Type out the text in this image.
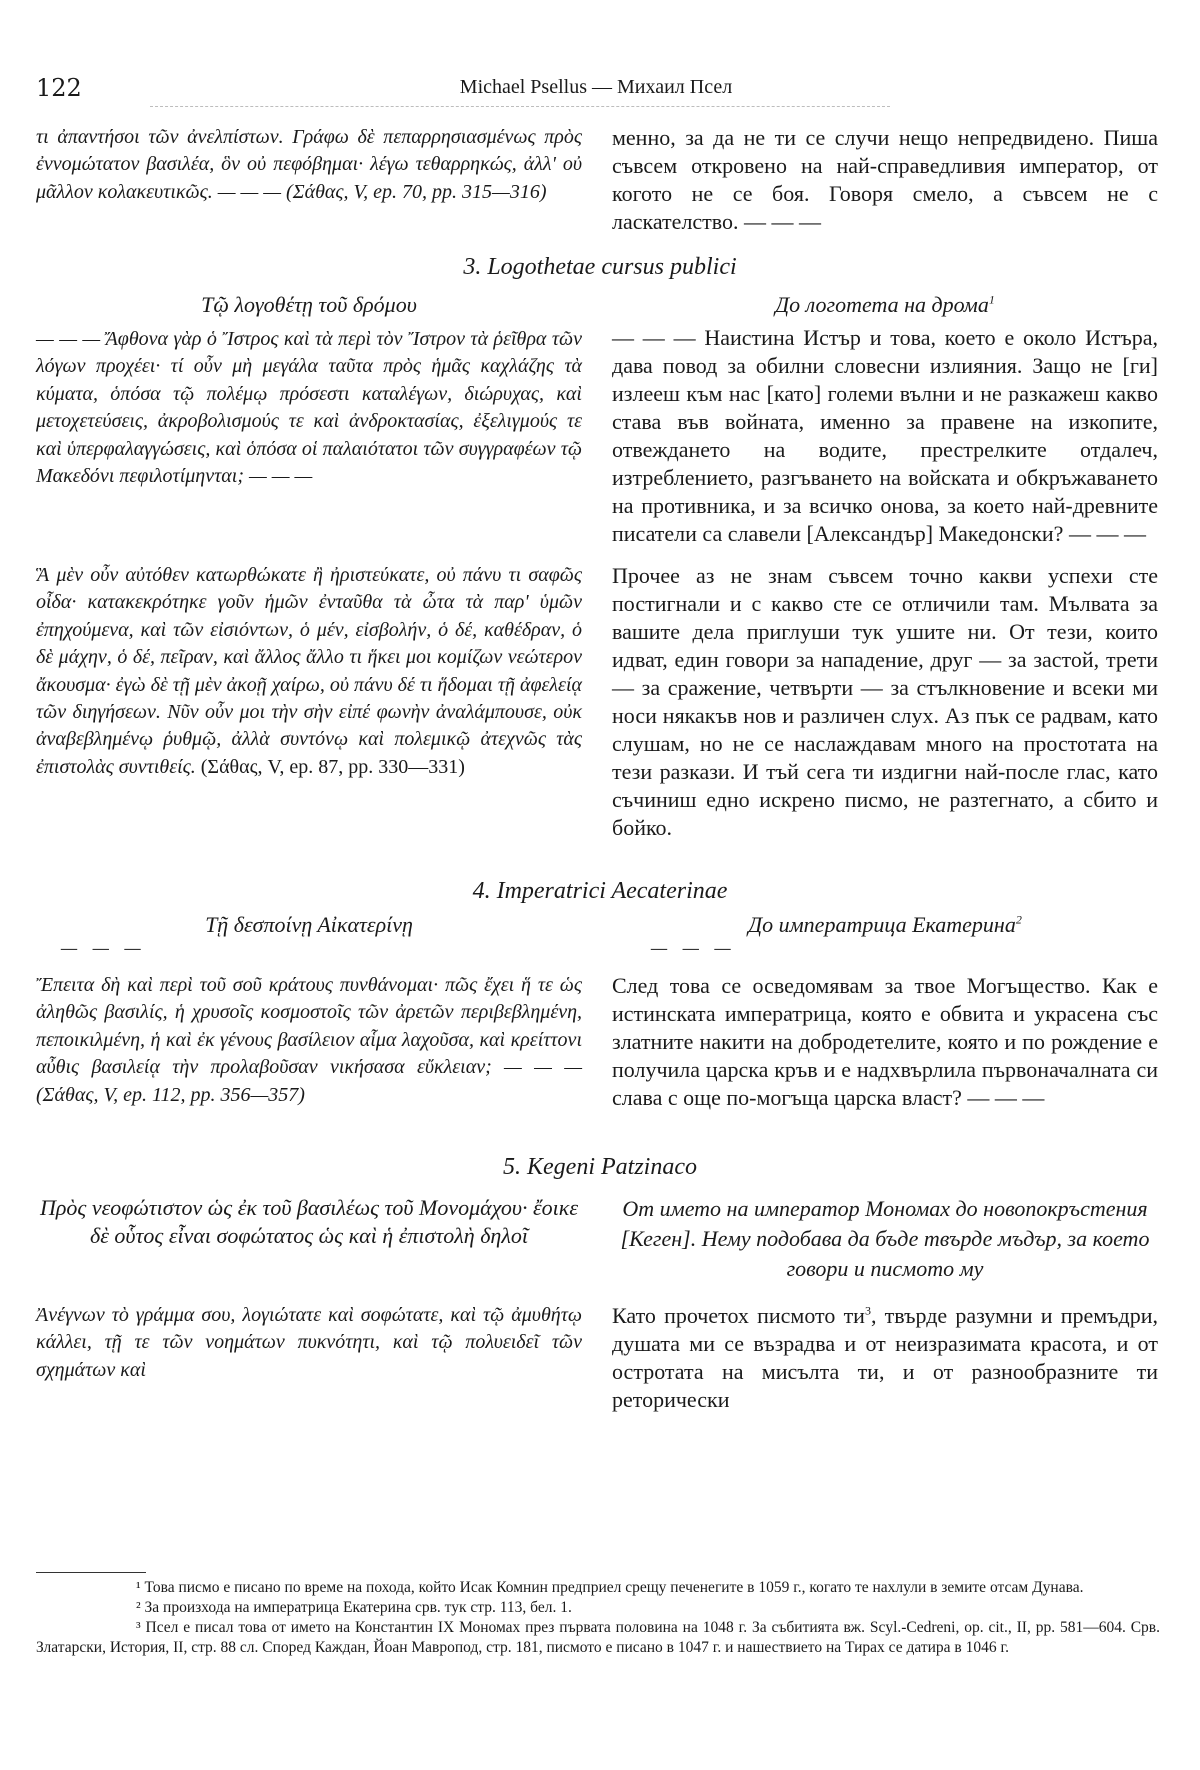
122	Michael Psellus — Михаил Псел
τι ἀπαντήσοι τῶν ἀνελπίστων. Γράφω δὲ πεπαρρησιασμένως πρὸς ἐννομώτατον βασιλέα, ὃν οὐ πεφόβημαι· λέγω τεθαρρηκώς, ἀλλ' οὐ μᾶλλον κολακευτικῶς. — — — (Σάθας, V, ep. 70, pp. 315—316)
менно, за да не ти се случи нещо непредвидено. Пиша съвсем откровено на най-справедливия император, от когото не се боя. Говоря смело, а съвсем не с ласкателство. — — —
3. Logothetae cursus publici
Τῷ λογοθέτῃ τοῦ δρόμου	До логотета на дрома$^1$
— — — Ἄφθονα γὰρ ὁ Ἴστρος καὶ τὰ περὶ τὸν Ἴστρον τὰ ῥεῖθρα τῶν λόγων προχέει· τί οὖν μὴ μεγάλα ταῦτα πρὸς ἡμᾶς καχλάζης τὰ κύματα, ὁπόσα τῷ πολέμῳ πρόσεστι καταλέγων, διώρυχας, καὶ μετοχετεύσεις, ἀκροβολισμούς τε καὶ ἀνδροκτασίας, ἐξελιγμούς τε καὶ ὑπερφαλαγγώσεις, καὶ ὁπόσα οἱ παλαιότατοι τῶν συγγραφέων τῷ Μακεδόνι πεφιλοτίμηνται; — — —
— — — Наистина Истър и това, което е около Истъра, дава повод за обилни словесни излияния. Защо не [ги] излееш към нас [като] големи вълни и не разкажеш какво става във войната, именно за правене на изкопите, отвеждането на водите, престрелките отдалеч, изтреблението, разгъването на войската и обкръжаването на противника, и за всичко онова, за което най-древните писатели са славели [Александър] Македонски? — — —
Ἃ μὲν οὖν αὐτόθεν κατωρθώκατε ἢ ἠριστεύκατε, οὐ πάνυ τι σαφῶς οἶδα· κατακεκρότηκε γοῦν ἡμῶν ἐνταῦθα τὰ ὦτα τὰ παρ' ὑμῶν ἐπηχούμενα, καὶ τῶν εἰσιόντων, ὁ μέν, εἰσβολήν, ὁ δέ, καθέδραν, ὁ δὲ μάχην, ὁ δέ, πεῖραν, καὶ ἄλλος ἄλλο τι ἥκει μοι κομίζων νεώτερον ἄκουσμα· ἐγὼ δὲ τῇ μὲν ἀκοῇ χαίρω, οὐ πάνυ δέ τι ἥδομαι τῇ ἀφελείᾳ τῶν διηγήσεων. Νῦν οὖν μοι τὴν σὴν εἰπέ φωνὴν ἀναλάμπουσε, οὐκ ἀναβεβλημένῳ ῥυθμῷ, ἀλλὰ συντόνῳ καὶ πολεμικῷ ἀτεχνῶς τὰς ἐπιστολὰς συντιθείς. (Σάθας, V, ep. 87, pp. 330—331)
Прочее аз не знам съвсем точно какви успехи сте постигнали и с какво сте се отличили там. Мълвата за вашите дела приглуши тук ушите ни. От тези, които идват, един говори за нападение, друг — за застой, трети — за сражение, четвърти — за стълкновение и всеки ми носи някакъв нов и различен слух. Аз пък се радвам, като слушам, но не се наслаждавам много на простотата на тези разкази. И тъй сега ти издигни най-после глас, като съчиниш едно искрено писмо, не разтегнато, а сбито и бойко.
4. Imperatrici Aecaterinae
Τῇ δεσποίνῃ Αἰκατερίνῃ	До императрица Екатерина$^2$
— — —	— — —
Ἔπειτα δὴ καὶ περὶ τοῦ σοῦ κράτους πυνθάνομαι· πῶς ἔχει ἥ τε ὡς ἀληθῶς βασιλίς, ἡ χρυσοῖς κοσμοστοῖς τῶν ἀρετῶν περιβεβλημένη, πεποικιλμένη, ἡ καὶ ἐκ γένους βασίλειον αἷμα λαχοῦσα, καὶ κρείττονι αὖθις βασιλείᾳ τὴν προλαβοῦσαν νικήσασα εὔκλειαν; — — — (Σάθας, V, ep. 112, pp. 356—357)
След това се осведомявам за твое Могъщество. Как е истинската императрица, която е обвита и украсена със златните накити на добродетелите, която и по рождение е получила царска кръв и е надхвърлила първоначалната си слава с още по-могъща царска власт? — — —
5. Kegeni Patzinaco
Πρὸς νεοφώτιστον ὡς ἐκ τοῦ βασιλέως τοῦ Μονομάχου· ἔοικε δὲ οὗτος εἶναι σοφώτατος ὡς καὶ ἡ ἐπιστολὴ δηλοῖ
От името на император Мономах до новопокръстения [Кеген]. Нему подобава да бъде твърде мъдър, за което говори и писмото му
Ἀνέγνων τὸ γράμμα σου, λογιώτατε καὶ σοφώτατε, καὶ τῷ ἀμυθήτῳ κάλλει, τῇ τε τῶν νοημάτων πυκνότητι, καὶ τῷ πολυειδεῖ τῶν σχημάτων καὶ
Като прочетох писмото $ти^3$, твърде разумни и премъдри, душата ми се възрадва и от неизразимата красота, и от остротата на мисълта ти, и от разнообразните ти реторически

¹ Това писмо е писано по време на похода, който Исак Комнин предприел срещу печенегите в 1059 г., когато те нахлули в земите отсам Дунава.

² За произхода на императрица Екатерина срв. тук стр. 113, бел. 1.

³ Псел е писал това от името на Константин IX Мономах през първата половина на 1048 г. За събитията вж. Scyl.-Cedreni, op. cit., II, pp. 581—604. Срв. Златарски, История, II, стр. 88 сл. Според Каждан, Йоан Мавропод, стр. 181, писмото е писано в 1047 г. и нашествието на Тирах се датира в 1046 г.
